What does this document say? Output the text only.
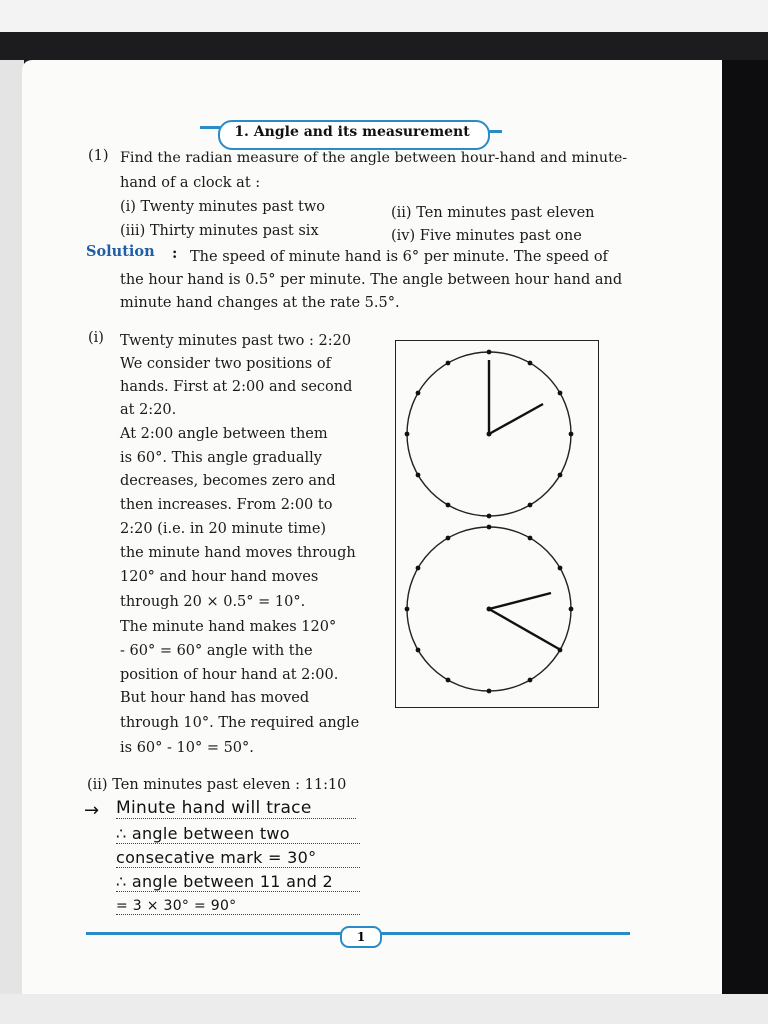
1. Angle and its measurement
(1) Find the radian measure of the angle between hour-hand and minute-
hand of a clock at :
(i) Twenty minutes past two	(ii) Ten minutes past eleven
(iii) Thirty minutes past six	(iv) Five minutes past one
Solution : The speed of minute hand is 6° per minute. The speed of
the hour hand is 0.5° per minute. The angle between hour hand and
minute hand changes at the rate 5.5°.
(i) Twenty minutes past two : 2:20
We consider two positions of
hands. First at 2:00 and second
at 2:20.
At 2:00 angle between them
is 60°. This angle gradually
decreases, becomes zero and
then increases. From 2:00 to
2:20 (i.e. in 20 minute time)
the minute hand moves through
120° and hour hand moves
through 20 × 0.5° = 10°.
The minute hand makes 120°
- 60° = 60° angle with the
position of hour hand at 2:00.
But hour hand has moved
through 10°. The required angle
is 60° - 10° = 50°.
(ii) Ten minutes past eleven : 11:10
→ Minute hand will trace
∴ angle between two
consecative mark = 30°
∴ angle between 11 and 2
= 3 × 30° = 90°
1
